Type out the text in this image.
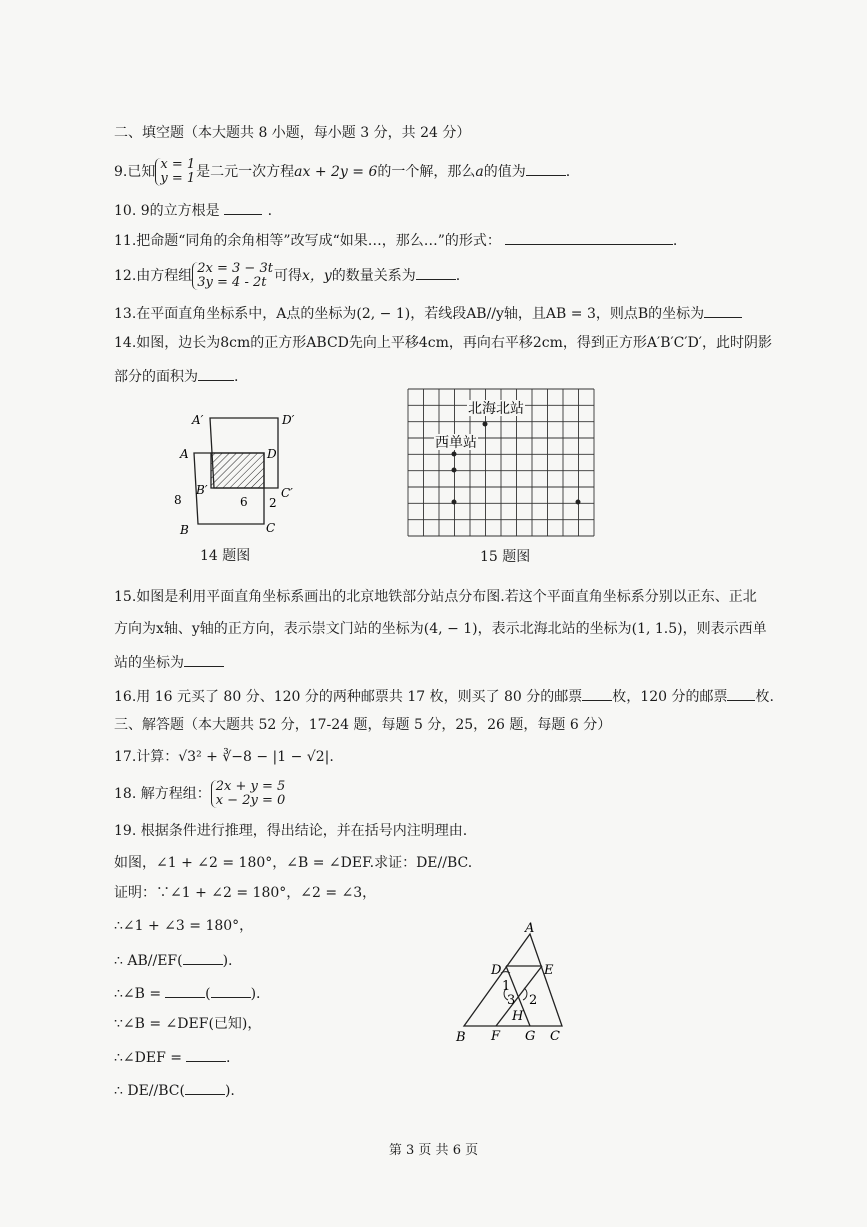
二、填空题（本大题共 8 小题，每小题 3 分，共 24 分）
9.已知 x = 1
y = 1 是二元一次方程ax + 2y = 6的一个解，那么a的值为	.
10. 9的立方根是	.
11.把命题“同角的余角相等”改写成“如果…，那么…”的形式：	.
12.由方程组 2x = 3 − 3t
3y = 4 - 2t 可得x，y的数量关系为	.
13.在平面直角坐标系中，A点的坐标为(2, − 1)，若线段AB//y轴，且AB = 3，则点B的坐标为
14.如图，边长为8cm的正方形ABCD先向上平移4cm，再向右平移2cm，得到正方形A′B′C′D′，此时阴影
部分的面积为	.
A′	D′
A	D
B′	C′
B	C
8	6 2
14 题图
北海北站
西单站
15 题图
15.如图是利用平面直角坐标系画出的北京地铁部分站点分布图.若这个平面直角坐标系分别以正东、正北
方向为x轴、y轴的正方向，表示崇文门站的坐标为(4, − 1)，表示北海北站的坐标为(1, 1.5)，则表示西单
站的坐标为
16.用 16 元买了 80 分、120 分的两种邮票共 17 枚，则买了 80 分的邮票 枚，120 分的邮票 枚.
三、解答题（本大题共 52 分，17-24 题，每题 5 分，25，26 题，每题 6 分）
17.计算：√3² + ∛−8 − |1 − √2|.
18. 解方程组： 2x + y = 5
x − 2y = 0
19. 根据条件进行推理，得出结论，并在括号内注明理由.
如图，∠1 + ∠2 = 180°，∠B = ∠DEF.求证：DE//BC.
证明：∵∠1 + ∠2 = 180°，∠2 = ∠3，
∴∠1 + ∠3 = 180°，
∴ AB//EF(	).
∴∠B =	(	).
∵∠B = ∠DEF(已知)，
∴∠DEF =	.
∴ DE//BC(	).
A
D	E
1
2
3
H
B F G C
第 3 页 共 6 页
